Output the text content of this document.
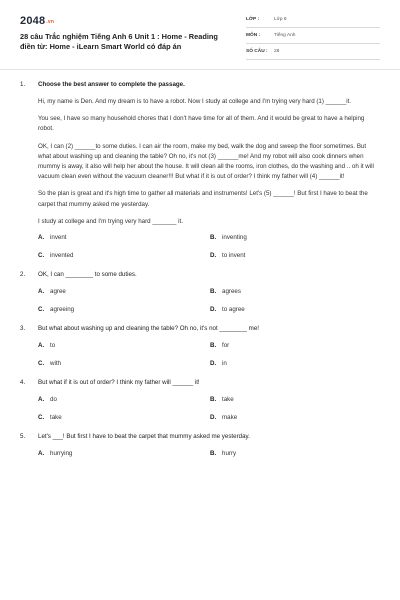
2048.vn
28 câu Trắc nghiệm Tiếng Anh 6 Unit 1 : Home - Reading điền từ: Home - iLearn Smart World có đáp án
LỚP :	Lớp 6
MÔN :	Tiếng Anh
SỐ CÂU :	28
1.	Choose the best answer to complete the passage.

Hi, my name is Den. And my dream is to have a robot. Now I study at college and I'm trying very hard (1) ______it.

You see, I have so many household chores that I don't have time for all of them. And it would be great to have a helping robot.

OK, I can (2) ______to some duties. I can air the room, make my bed, walk the dog and sweep the floor sometimes. But what about washing up and cleaning the table? Oh no, it's not (3) ______me! And my robot will also cook dinners when mummy is away, it also will help her about the house. It will clean all the rooms, iron clothes, do the washing and .. oh it will vacuum clean even without the vacuum cleaner!!! But what if it is out of order? I think my father will (4) ______it!

So the plan is great and it's high time to gather all materials and instruments! Let's (5) ______! But first I have to beat the carpet that mummy asked me yesterday.

I study at college and I'm trying very hard _______ it.

A. invent	B. inventing
C. invented	D. to invent
2.	OK, I can ________ to some duties.
A. agree	B. agrees
C. agreeing	D. to agree
3.	But what about washing up and cleaning the table? Oh no, it's not ________ me!
A. to	B. for
C. with	D. in
4.	But what if it is out of order? I think my father will ______ it!
A. do	B. take
C. take	D. make
5.	Let's ___! But first I have to beat the carpet that mummy asked me yesterday.
A. hurrying	B. hurry
